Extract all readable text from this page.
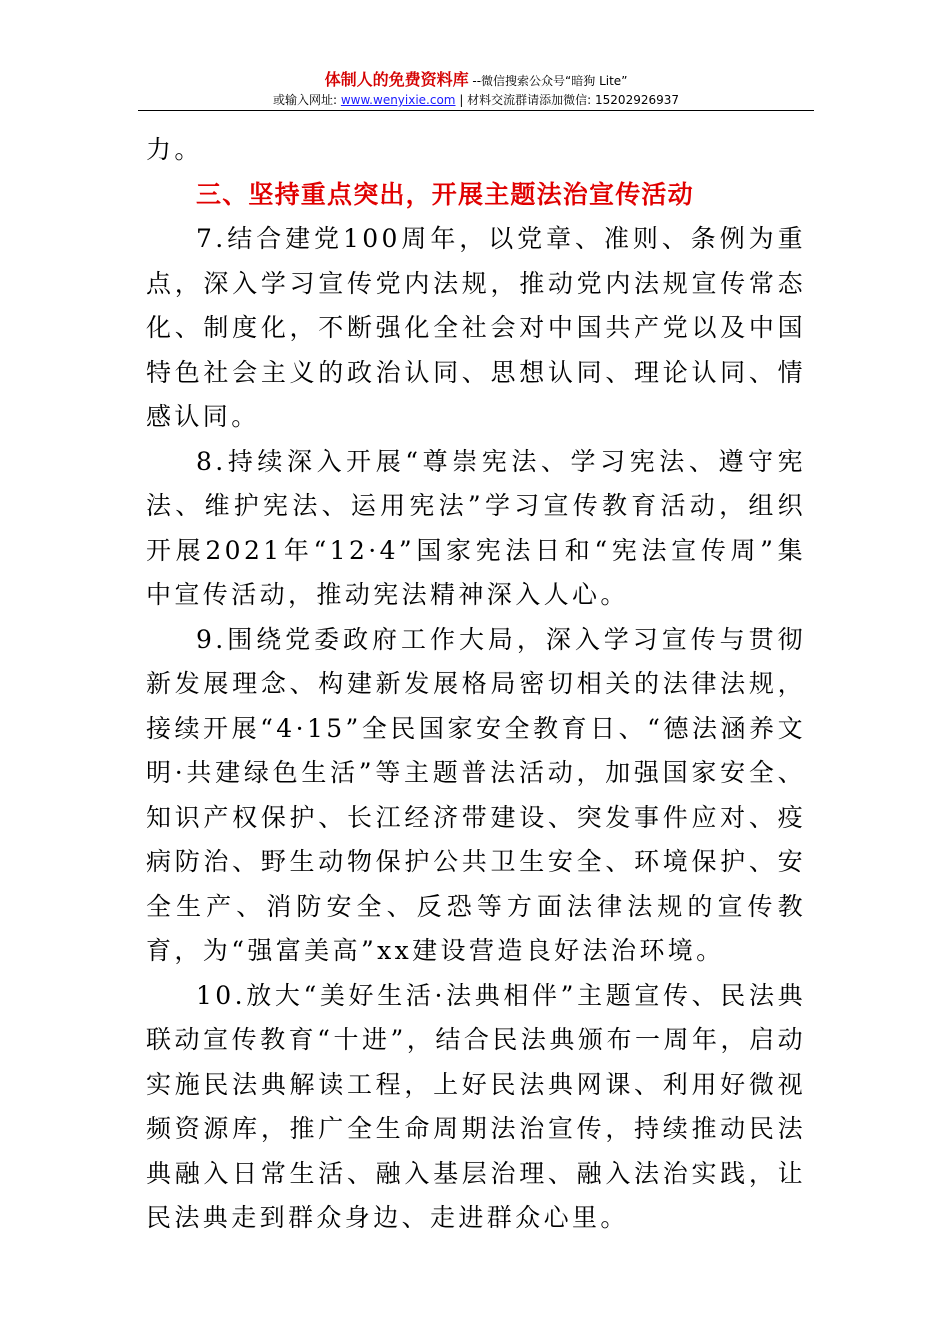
体制人的免费资料库 --微信搜索公众号“暗狗 Lite”
或输入网址: www.wenyixie.com | 材料交流群请添加微信: 15202926937

力。

三、坚持重点突出，开展主题法治宣传活动

7.结合建党100周年，以党章、准则、条例为重点，深入学习宣传党内法规，推动党内法规宣传常态化、制度化，不断强化全社会对中国共产党以及中国特色社会主义的政治认同、思想认同、理论认同、情感认同。

8.持续深入开展“尊崇宪法、学习宪法、遵守宪法、维护宪法、运用宪法”学习宣传教育活动，组织开展2021年“12·4”国家宪法日和“宪法宣传周”集中宣传活动，推动宪法精神深入人心。

9.围绕党委政府工作大局，深入学习宣传与贯彻新发展理念、构建新发展格局密切相关的法律法规，接续开展“4·15”全民国家安全教育日、“德法涵养文明·共建绿色生活”等主题普法活动，加强国家安全、知识产权保护、长江经济带建设、突发事件应对、疫病防治、野生动物保护公共卫生安全、环境保护、安全生产、消防安全、反恐等方面法律法规的宣传教育，为“强富美高”xx建设营造良好法治环境。

10.放大“美好生活·法典相伴”主题宣传、民法典联动宣传教育“十进”，结合民法典颁布一周年，启动实施民法典解读工程，上好民法典网课、利用好微视频资源库，推广全生命周期法治宣传，持续推动民法典融入日常生活、融入基层治理、融入法治实践，让民法典走到群众身边、走进群众心里。
